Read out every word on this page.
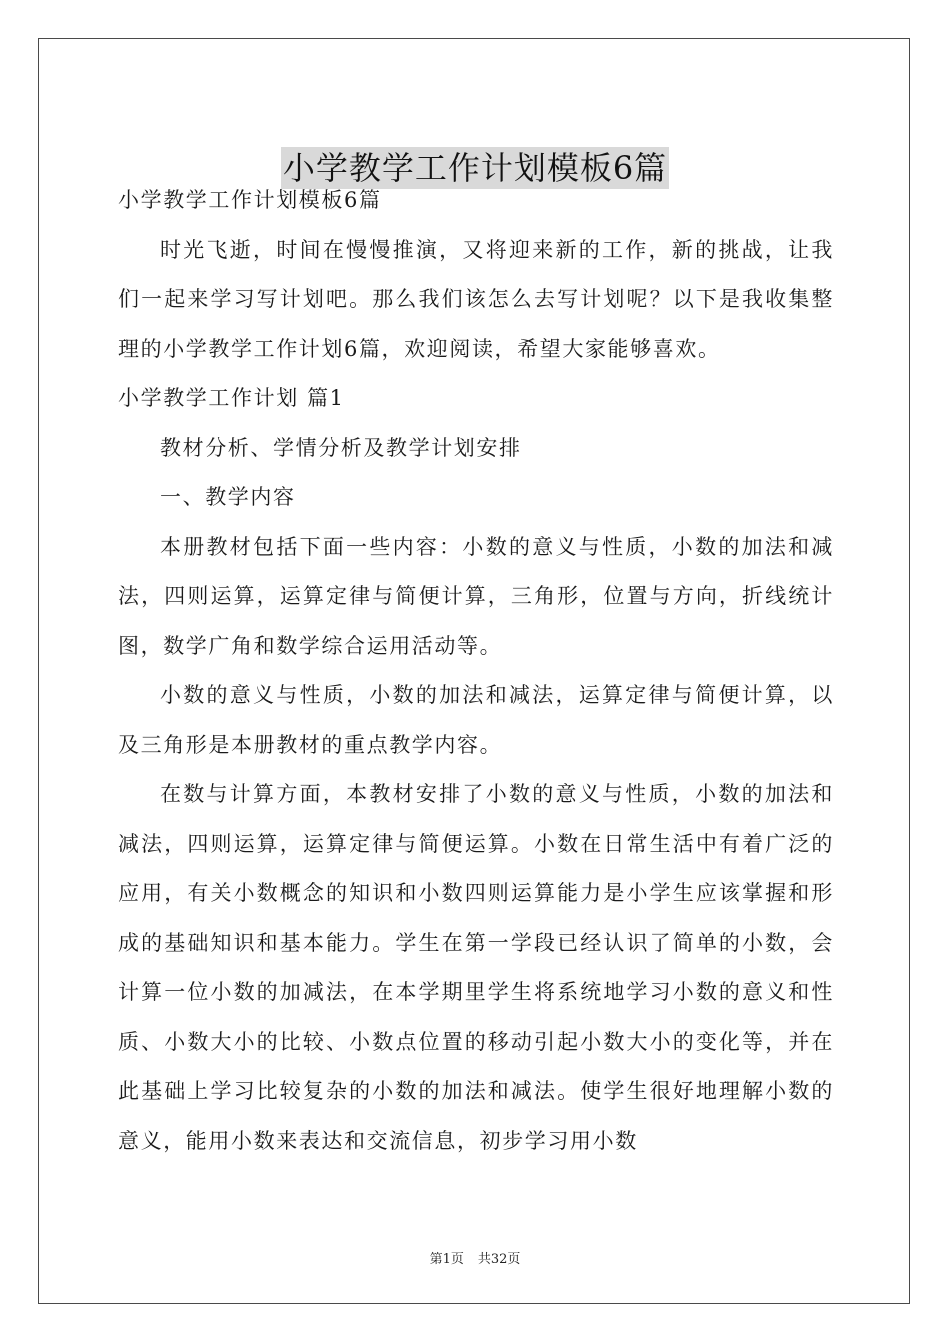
小学教学工作计划模板6篇

小学教学工作计划模板6篇

时光飞逝，时间在慢慢推演，又将迎来新的工作，新的挑战，让我们一起来学习写计划吧。那么我们该怎么去写计划呢？以下是我收集整理的小学教学工作计划6篇，欢迎阅读，希望大家能够喜欢。

小学教学工作计划 篇1

教材分析、学情分析及教学计划安排

一、教学内容

本册教材包括下面一些内容：小数的意义与性质，小数的加法和减法，四则运算，运算定律与简便计算，三角形，位置与方向，折线统计图，数学广角和数学综合运用活动等。

小数的意义与性质，小数的加法和减法，运算定律与简便计算，以及三角形是本册教材的重点教学内容。

在数与计算方面，本教材安排了小数的意义与性质，小数的加法和减法，四则运算，运算定律与简便运算。小数在日常生活中有着广泛的应用，有关小数概念的知识和小数四则运算能力是小学生应该掌握和形成的基础知识和基本能力。学生在第一学段已经认识了简单的小数，会计算一位小数的加减法，在本学期里学生将系统地学习小数的意义和性质、小数大小的比较、小数点位置的移动引起小数大小的变化等，并在此基础上学习比较复杂的小数的加法和减法。使学生很好地理解小数的意义，能用小数来表达和交流信息，初步学习用小数

第1页 共32页
